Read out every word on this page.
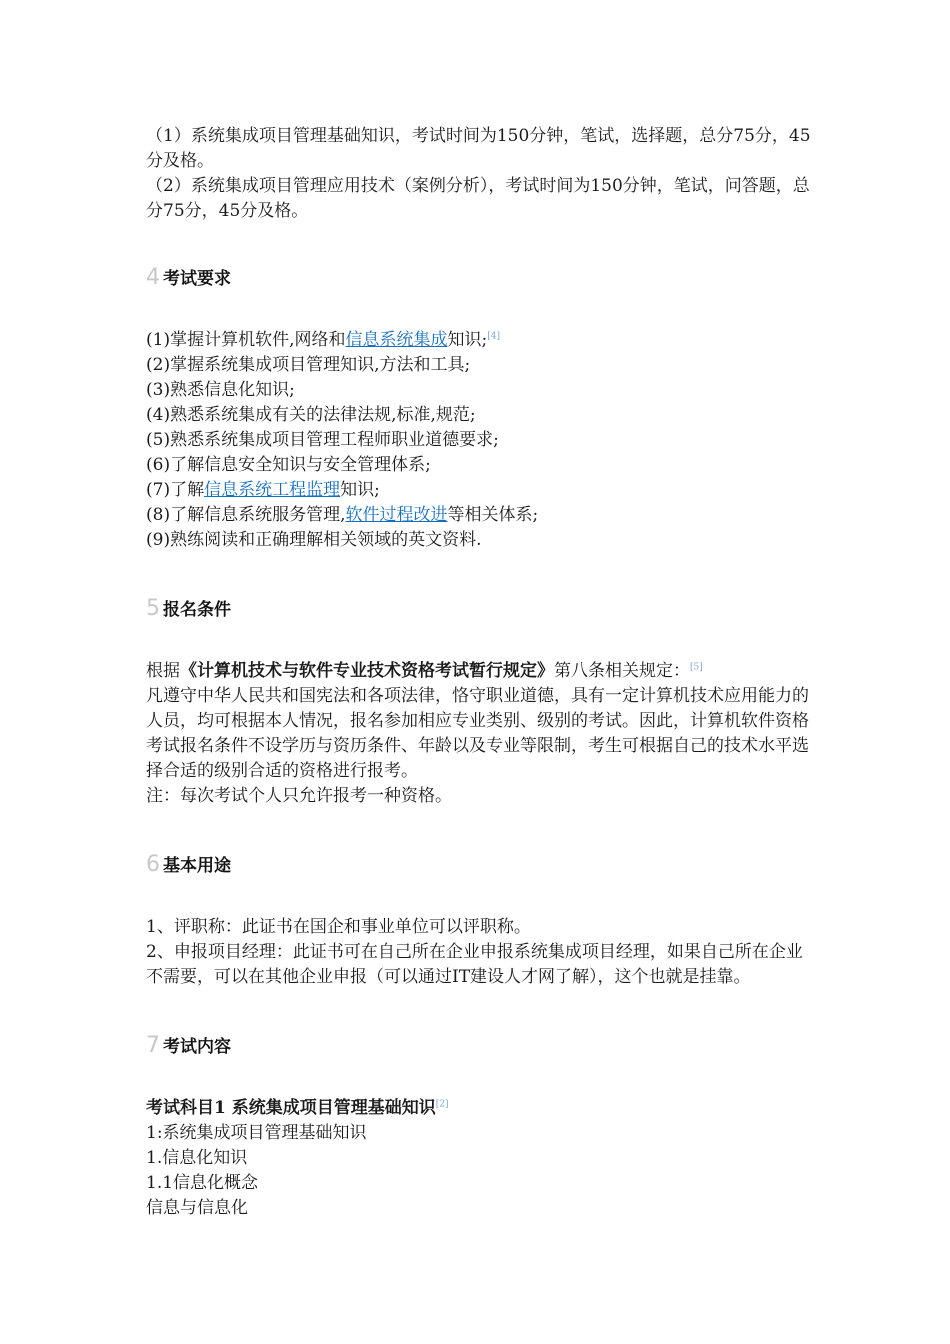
（1）系统集成项目管理基础知识，考试时间为150分钟，笔试，选择题，总分75分，45分及格。

（2）系统集成项目管理应用技术（案例分析），考试时间为150分钟，笔试，问答题，总分75分，45分及格。

4 考试要求

(1)掌握计算机软件,网络和信息系统集成知识;[4]

(2)掌握系统集成项目管理知识,方法和工具;

(3)熟悉信息化知识;

(4)熟悉系统集成有关的法律法规,标准,规范;

(5)熟悉系统集成项目管理工程师职业道德要求;

(6)了解信息安全知识与安全管理体系;

(7)了解信息系统工程监理知识;

(8)了解信息系统服务管理,软件过程改进等相关体系;

(9)熟练阅读和正确理解相关领域的英文资料.

5 报名条件

根据《计算机技术与软件专业技术资格考试暂行规定》第八条相关规定：[5]

凡遵守中华人民共和国宪法和各项法律，恪守职业道德，具有一定计算机技术应用能力的人员，均可根据本人情况，报名参加相应专业类别、级别的考试。因此，计算机软件资格考试报名条件不设学历与资历条件、年龄以及专业等限制，考生可根据自己的技术水平选择合适的级别合适的资格进行报考。

注：每次考试个人只允许报考一种资格。

6 基本用途

1、评职称：此证书在国企和事业单位可以评职称。

2、申报项目经理：此证书可在自己所在企业申报系统集成项目经理，如果自己所在企业不需要，可以在其他企业申报（可以通过IT建设人才网了解），这个也就是挂靠。

7 考试内容

考试科目1 系统集成项目管理基础知识[2]

1:系统集成项目管理基础知识

1.信息化知识

1.1信息化概念

信息与信息化
